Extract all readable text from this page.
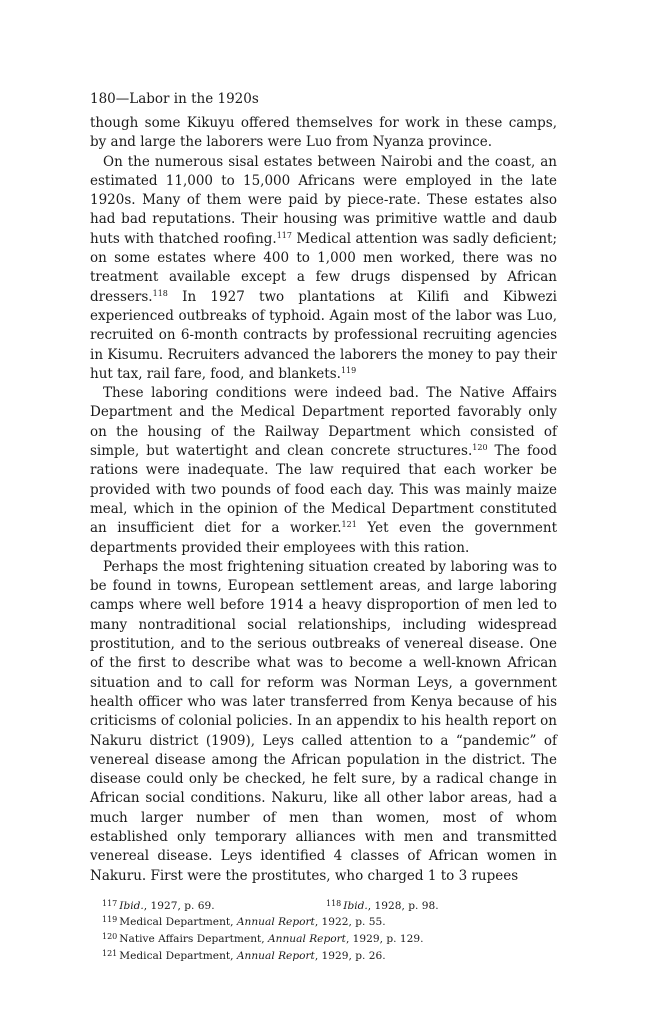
180—Labor in the 1920s

though some Kikuyu offered themselves for work in these camps, by and large the laborers were Luo from Nyanza province.

On the numerous sisal estates between Nairobi and the coast, an estimated 11,000 to 15,000 Africans were employed in the late 1920s. Many of them were paid by piece-rate. These estates also had bad reputations. Their housing was primitive wattle and daub huts with thatched roofing.$^{117}$ Medical attention was sadly deficient; on some estates where 400 to 1,000 men worked, there was no treatment available except a few drugs dispensed by African dressers.$^{118}$ In 1927 two plantations at Kilifi and Kibwezi experienced outbreaks of typhoid. Again most of the labor was Luo, recruited on 6-month contracts by professional recruiting agencies in Kisumu. Recruiters advanced the laborers the money to pay their hut tax, rail fare, food, and blankets.$^{119}$

These laboring conditions were indeed bad. The Native Affairs Department and the Medical Department reported favorably only on the housing of the Railway Department which consisted of simple, but watertight and clean concrete structures.$^{120}$ The food rations were inadequate. The law required that each worker be provided with two pounds of food each day. This was mainly maize meal, which in the opinion of the Medical Department constituted an insufficient diet for a worker.$^{121}$ Yet even the government departments provided their employees with this ration.

Perhaps the most frightening situation created by laboring was to be found in towns, European settlement areas, and large laboring camps where well before 1914 a heavy disproportion of men led to many nontraditional social relationships, including widespread prostitution, and to the serious outbreaks of venereal disease. One of the first to describe what was to become a well-known African situation and to call for reform was Norman Leys, a government health officer who was later transferred from Kenya because of his criticisms of colonial policies. In an appendix to his health report on Nakuru district (1909), Leys called attention to a “pandemic” of venereal disease among the African population in the district. The disease could only be checked, he felt sure, by a radical change in African social conditions. Nakuru, like all other labor areas, had a much larger number of men than women, most of whom established only temporary alliances with men and transmitted venereal disease. Leys identified 4 classes of African women in Nakuru. First were the prostitutes, who charged 1 to 3 rupees

$^{117}$ Ibid., 1927, p. 69.	$^{118}$ Ibid., 1928, p. 98.
$^{119}$ Medical Department, Annual Report, 1922, p. 55.
$^{120}$ Native Affairs Department, Annual Report, 1929, p. 129.
$^{121}$ Medical Department, Annual Report, 1929, p. 26.
